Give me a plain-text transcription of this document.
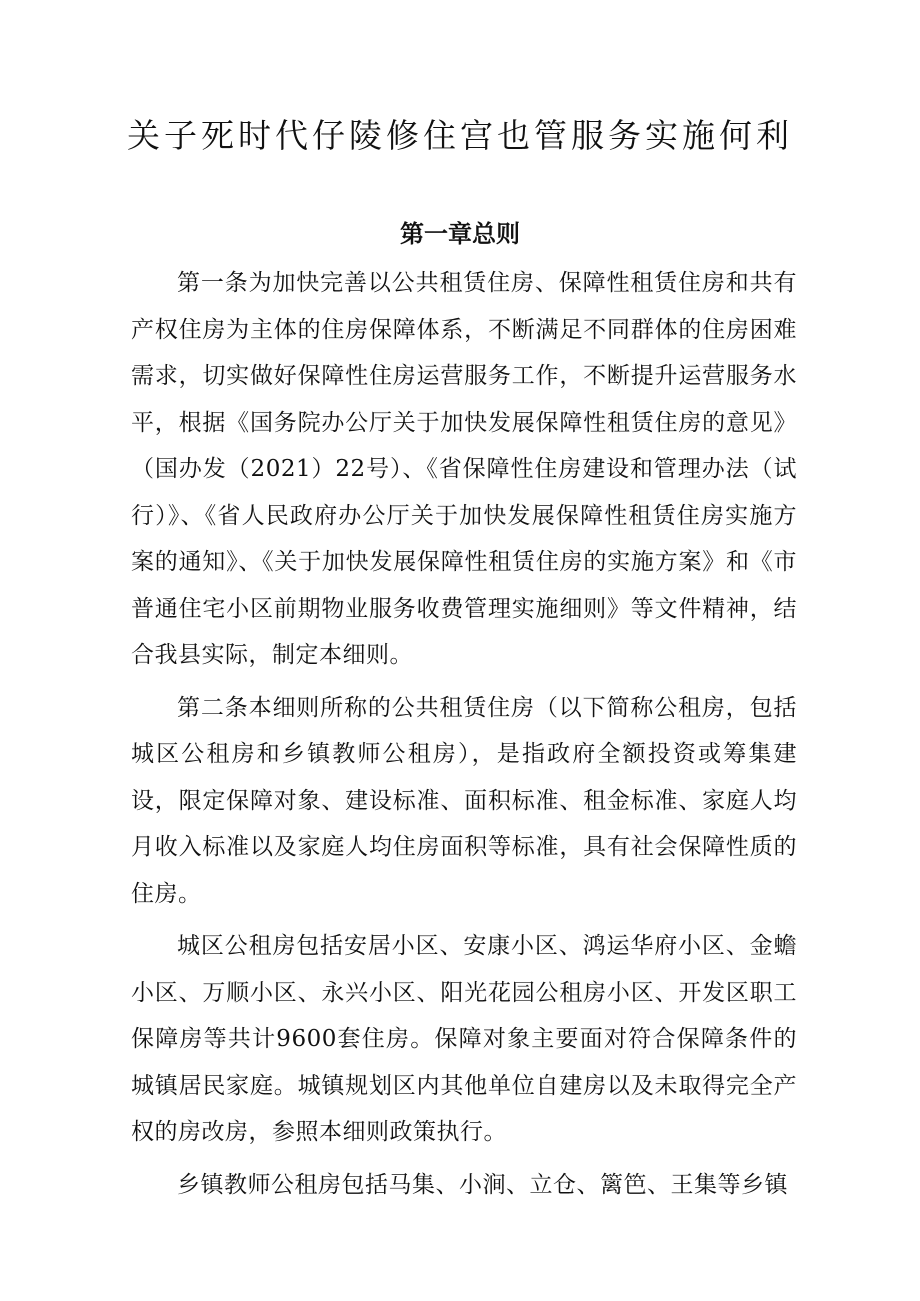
关子死时代仔陵修住宫也管服务实施何利
第一章总则

第一条为加快完善以公共租赁住房、保障性租赁住房和共有产权住房为主体的住房保障体系，不断满足不同群体的住房困难需求，切实做好保障性住房运营服务工作，不断提升运营服务水平，根据《国务院办公厅关于加快发展保障性租赁住房的意见》（国办发（2021）22号）、《省保障性住房建设和管理办法（试行）》、《省人民政府办公厅关于加快发展保障性租赁住房实施方案的通知》、《关于加快发展保障性租赁住房的实施方案》和《市普通住宅小区前期物业服务收费管理实施细则》等文件精神，结合我县实际，制定本细则。

第二条本细则所称的公共租赁住房（以下简称公租房，包括城区公租房和乡镇教师公租房），是指政府全额投资或筹集建设，限定保障对象、建设标准、面积标准、租金标准、家庭人均月收入标准以及家庭人均住房面积等标准，具有社会保障性质的住房。

城区公租房包括安居小区、安康小区、鸿运华府小区、金蟾小区、万顺小区、永兴小区、阳光花园公租房小区、开发区职工保障房等共计9600套住房。保障对象主要面对符合保障条件的城镇居民家庭。城镇规划区内其他单位自建房以及未取得完全产权的房改房，参照本细则政策执行。

乡镇教师公租房包括马集、小涧、立仓、篱笆、王集等乡镇
